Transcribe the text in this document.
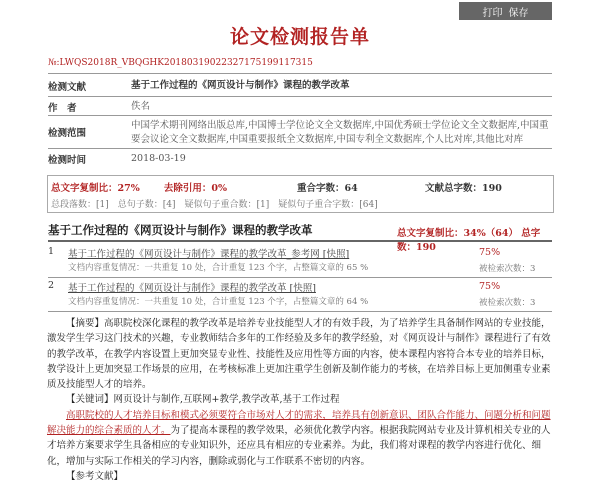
打印 保存
论文检测报告单
№:LWQS2018R_VBQGHK20180319022327175199117315
检测文献	基于工作过程的《网页设计与制作》课程的教学改革
作　者	佚名
检测范围
中国学术期刊网络出版总库,中国博士学位论文全文数据库,中国优秀硕士学位论文全文数据库,中国重要会议论文全文数据库,中国重要报纸全文数据库,中国专利全文数据库,个人比对库,其他比对库
检测时间	2018-03-19
总文字复制比：27%	去除引用：0%	重合字数：64	文献总字数：190
总段落数：[1]　总句子数：[4]　疑似句子重合数：[1]　疑似句子重合字数：[64]
基于工作过程的《网页设计与制作》课程的教学改革	总文字复制比：34%（64） 总字数：190
1 基于工作过程的《网页设计与制作》课程的教学改革_参考网 [快照]	75%
文档内容重复情况：一共重复 10 处，合计重复 123 个字，占整篇文章的 65 %	被检索次数：3
2 基于工作过程的《网页设计与制作》课程的教学改革 [快照]	75%
文档内容重复情况：一共重复 10 处，合计重复 123 个字，占整篇文章的 64 %	被检索次数：3

【摘要】高职院校深化课程的教学改革是培养专业技能型人才的有效手段，为了培养学生具备制作网站的专业技能，激发学生学习这门技术的兴趣，专业教师结合多年的工作经验及多年的教学经验，对《网页设计与制作》课程进行了有效的教学改革，在教学内容设置上更加突显专业性、技能性及应用性等方面的内容，使本课程内容符合本专业的培养目标，教学设计上更加突显工作场景的应用，在考核标准上更加注重学生创新及制作能力的考核，在培养目标上更加侧重专业素质及技能型人才的培养。

【关键词】网页设计与制作,互联网+教学,教学改革,基于工作过程

高职院校的人才培养目标和模式必须要符合市场对人才的需求，培养具有创新意识、团队合作能力、问题分析和问题解决能力的综合素质的人才。为了提高本课程的教学效果，必须优化教学内容。根据我院网站专业及计算机相关专业的人才培养方案要求学生具备相应的专业知识外，还应具有相应的专业素养。为此，我们将对课程的教学内容进行优化、细化，增加与实际工作相关的学习内容，删除或弱化与工作联系不密切的内容。

【参考文献】
